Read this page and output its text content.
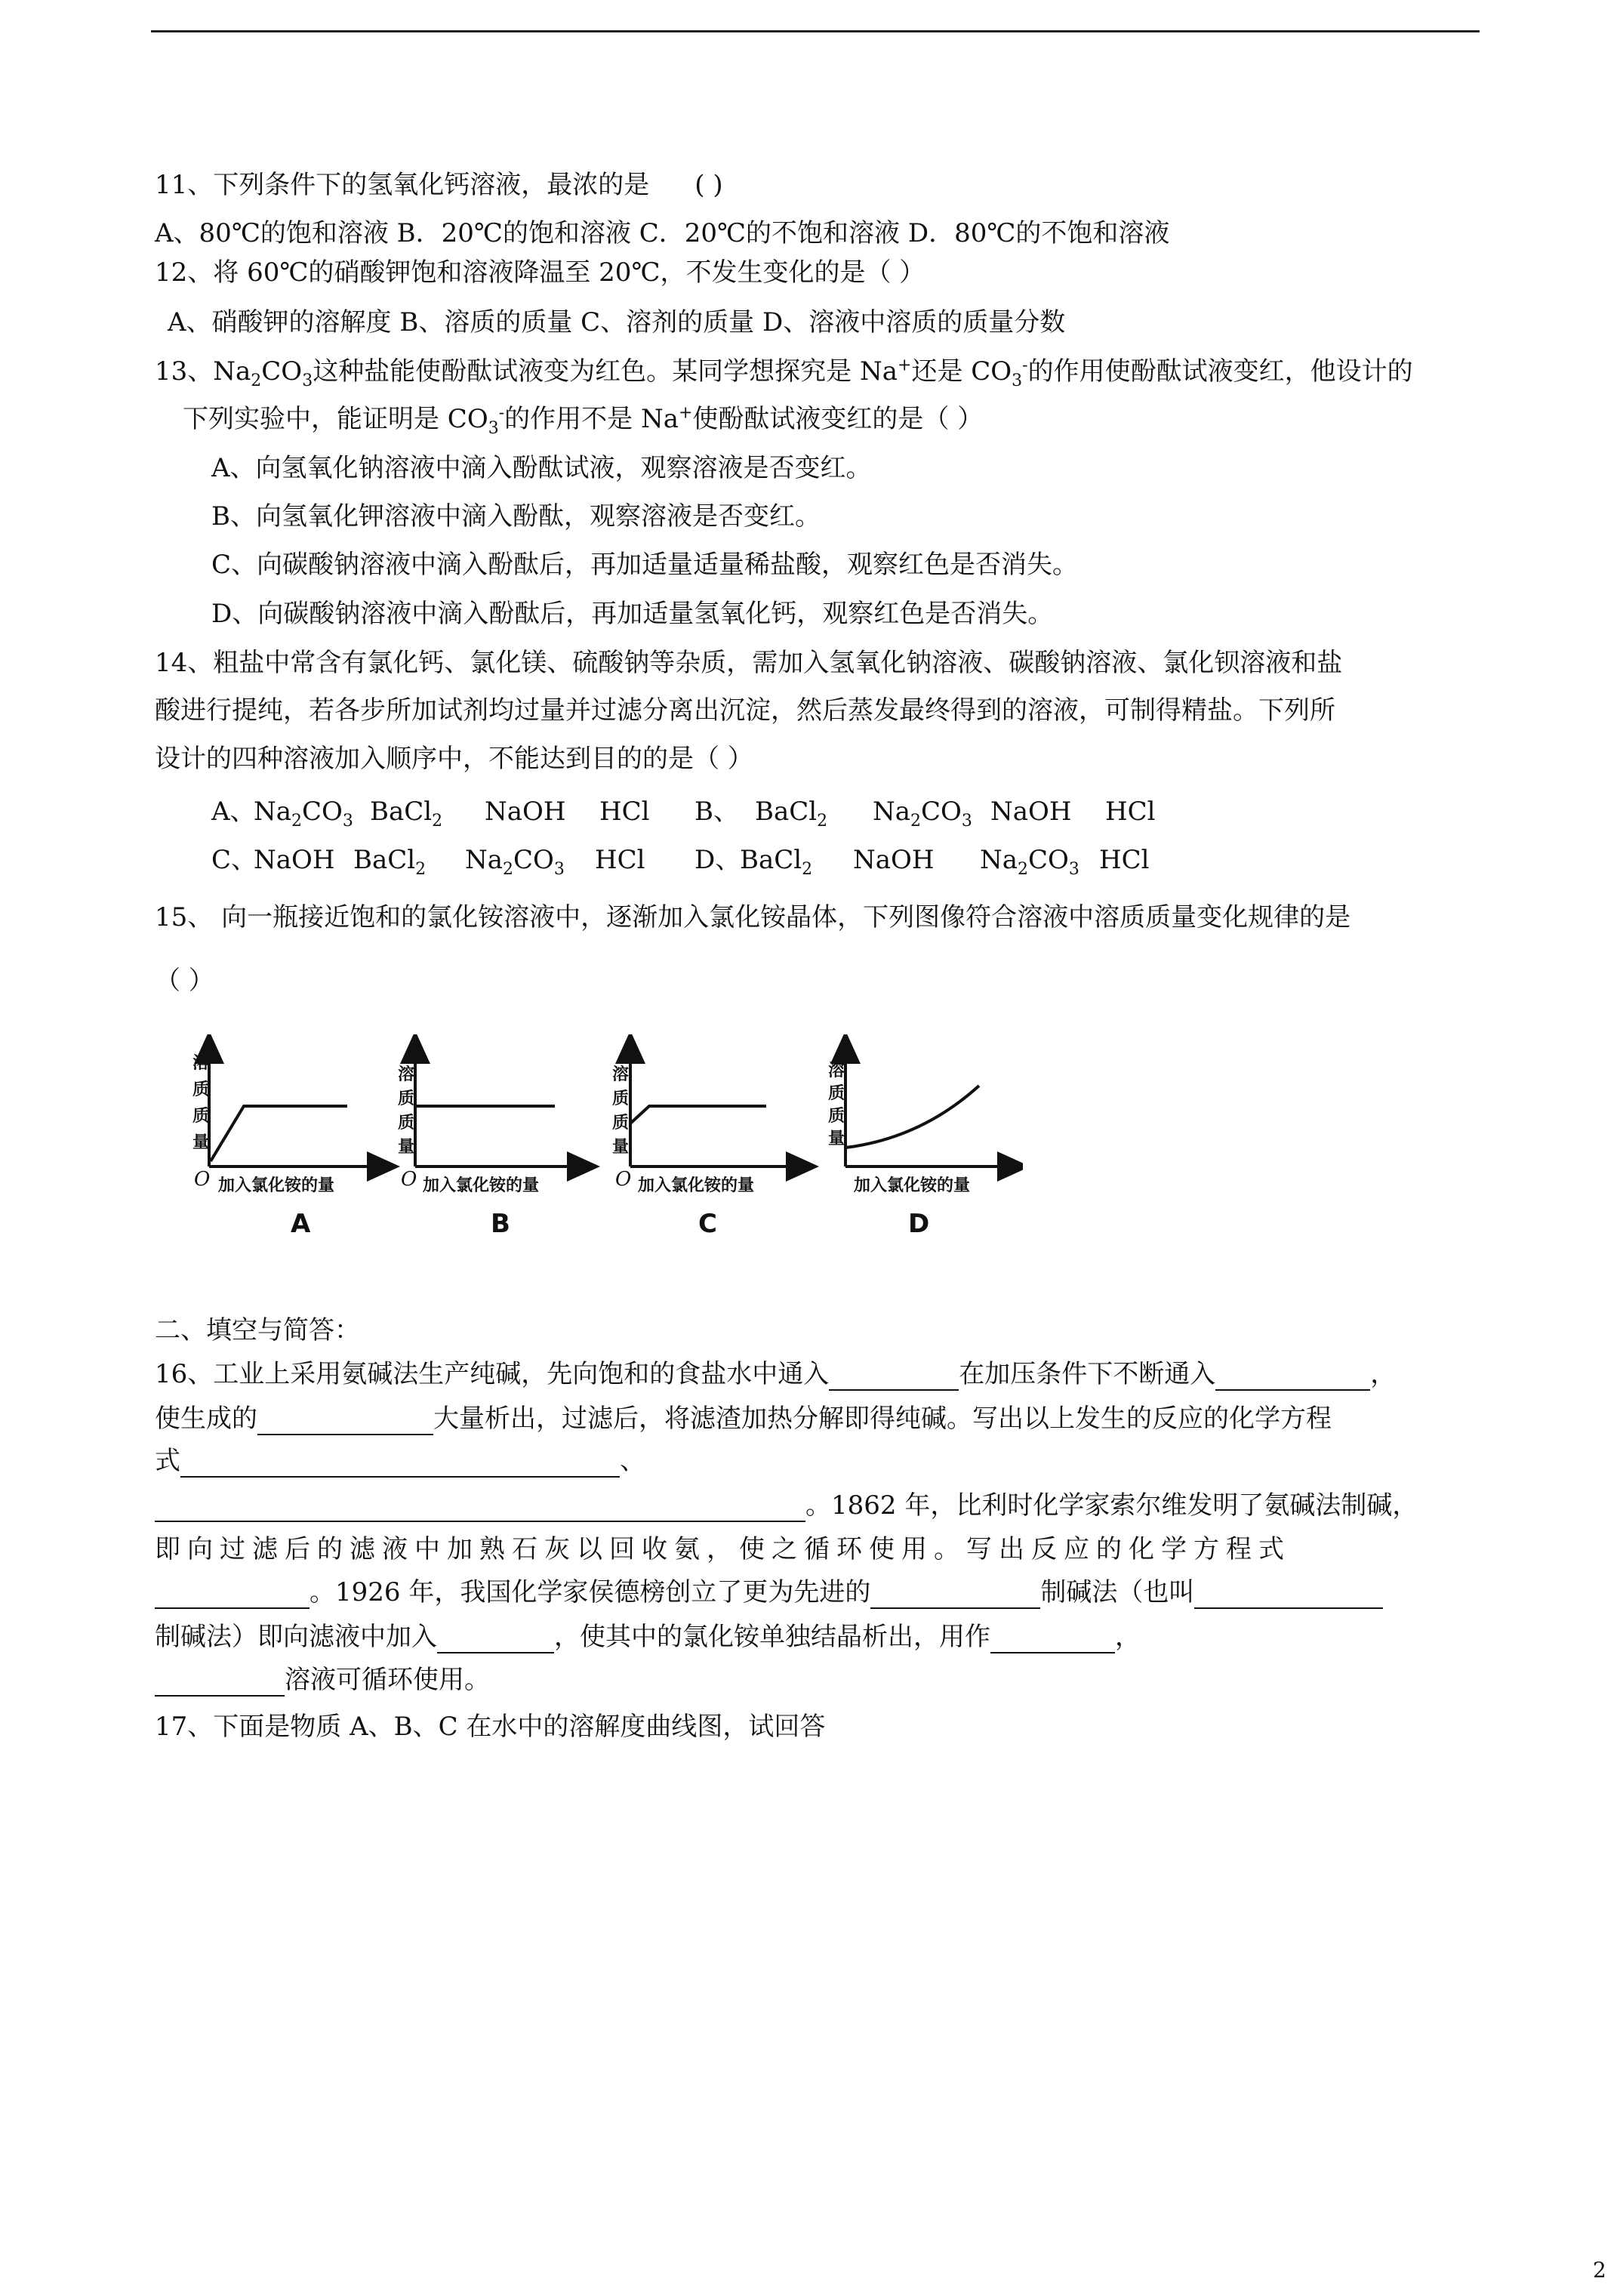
11、下列条件下的氢氧化钙溶液，最浓的是 ( )
A、80℃的饱和溶液 B．20℃的饱和溶液 C．20℃的不饱和溶液 D．80℃的不饱和溶液
12、将 60℃的硝酸钾饱和溶液降温至 20℃，不发生变化的是（ ）
A、硝酸钾的溶解度 B、溶质的质量 C、溶剂的质量 D、溶液中溶质的质量分数
13、$Na_2CO_3$这种盐能使酚酞试液变为红色。某同学想探究是 Na+还是 $CO_3^-$的作用使酚酞试液变红，他设计的
下列实验中，能证明是 $CO_3^-$的作用不是 Na+使酚酞试液变红的是（ ）
A、向氢氧化钠溶液中滴入酚酞试液，观察溶液是否变红。
B、向氢氧化钾溶液中滴入酚酞，观察溶液是否变红。
C、向碳酸钠溶液中滴入酚酞后，再加适量适量稀盐酸，观察红色是否消失。
D、向碳酸钠溶液中滴入酚酞后，再加适量氢氧化钙，观察红色是否消失。
14、粗盐中常含有氯化钙、氯化镁、硫酸钠等杂质，需加入氢氧化钠溶液、碳酸钠溶液、氯化钡溶液和盐
酸进行提纯，若各步所加试剂均过量并过滤分离出沉淀，然后蒸发最终得到的溶液，可制得精盐。下列所
设计的四种溶液加入顺序中，不能达到目的的是（ ）
A、
$Na_2CO_3$ BaCl$_2$ NaOH HCl B、 BaCl$_2$ $Na_2CO_3$ NaOH HCl
C、
NaOH BaCl$_2$ $Na_2CO_3$ HCl D、
BaCl$_2$ NaOH $Na_2CO_3$ HCl
15、 向一瓶接近饱和的氯化铵溶液中，逐渐加入氯化铵晶体，下列图像符合溶液中溶质质量变化规律的是
（ ）
溶
质
质
量
O 加入氯化铵的量
A
溶
质
质
量
O 加入氯化铵的量
B
溶
质
质
量
O 加入氯化铵的量
C
溶
质
质
量
加入氯化铵的量
D
二、填空与简答：
16、工业上采用氨碱法生产纯碱，先向饱和的食盐水中通入	在加压条件下不断通入	，
使生成的	大量析出，过滤后，将滤渣加热分解即得纯碱。写出以上发生的反应的化学方程
式	、
。1862 年，比利时化学家索尔维发明了氨碱法制碱，
即向过滤后的滤液中加熟石灰以回收氨，使之循环使用。写出反应的化学方程式
。1926 年，我国化学家侯德榜创立了更为先进的	制碱法（也叫
制碱法）即向滤液中加入	，使其中的氯化铵单独结晶析出，用作	，
溶液可循环使用。
17、下面是物质 A、B、C 在水中的溶解度曲线图，试回答
2
